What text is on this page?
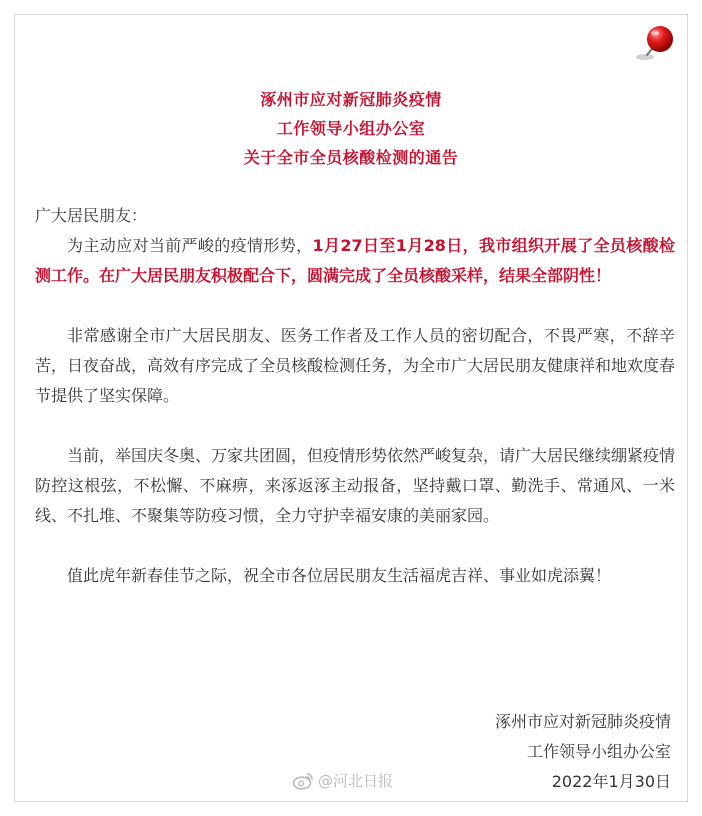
涿州市应对新冠肺炎疫情
工作领导小组办公室
关于全市全员核酸检测的通告

广大居民朋友：

为主动应对当前严峻的疫情形势，1月27日至1月28日，我市组织开展了全员核酸检测工作。在广大居民朋友积极配合下，圆满完成了全员核酸采样，结果全部阴性！

非常感谢全市广大居民朋友、医务工作者及工作人员的密切配合，不畏严寒，不辞辛苦，日夜奋战，高效有序完成了全员核酸检测任务，为全市广大居民朋友健康祥和地欢度春节提供了坚实保障。

当前，举国庆冬奥、万家共团圆，但疫情形势依然严峻复杂，请广大居民继续绷紧疫情防控这根弦，不松懈、不麻痹，来涿返涿主动报备，坚持戴口罩、勤洗手、常通风、一米线、不扎堆、不聚集等防疫习惯，全力守护幸福安康的美丽家园。

值此虎年新春佳节之际，祝全市各位居民朋友生活福虎吉祥、事业如虎添翼！

涿州市应对新冠肺炎疫情
工作领导小组办公室
2022年1月30日
@河北日报
